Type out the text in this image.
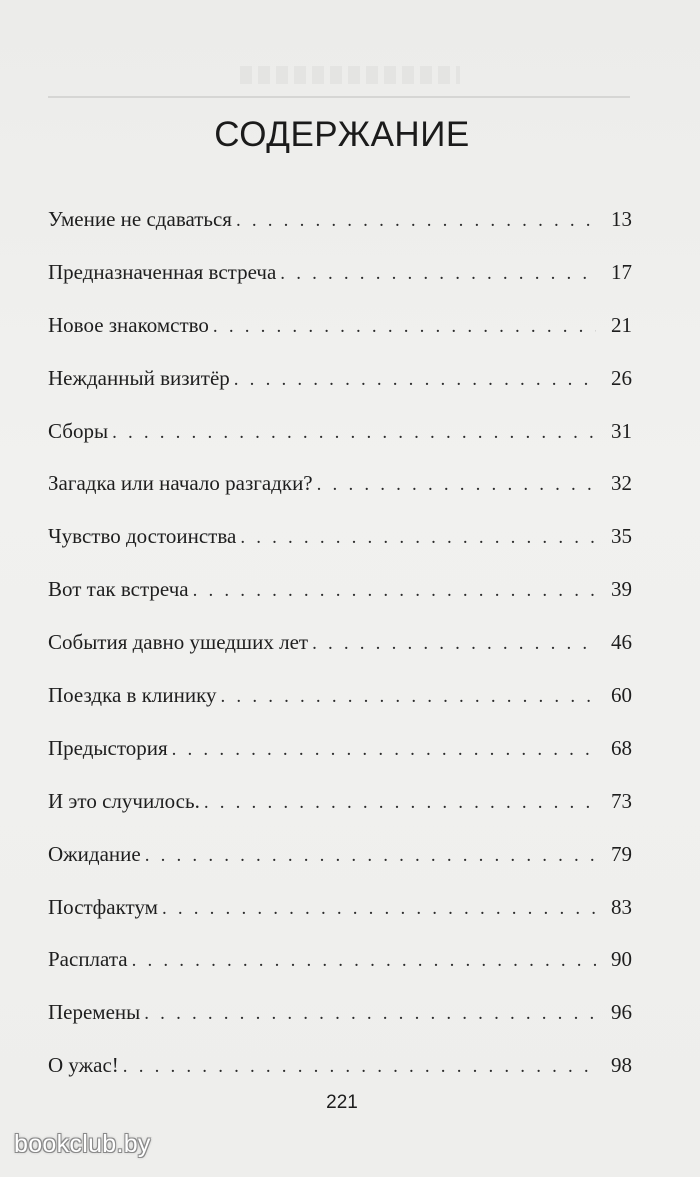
СОДЕРЖАНИЕ
Умение не сдаваться . . .	13
Предназначенная встреча . . .	17
Новое знакомство . . .	21
Нежданный визитёр . . .	26
Сборы . . .	31
Загадка или начало разгадки? . . .	32
Чувство достоинства . . .	35
Вот так встреча . . .	39
События давно ушедших лет . . .	46
Поездка в клинику . . .	60
Предыстория . . .	68
И это случилось. . . .	73
Ожидание . . .	79
Постфактум . . .	83
Расплата . . .	90
Перемены . . .	96
О ужас! . . .	98
221
bookclub.by
